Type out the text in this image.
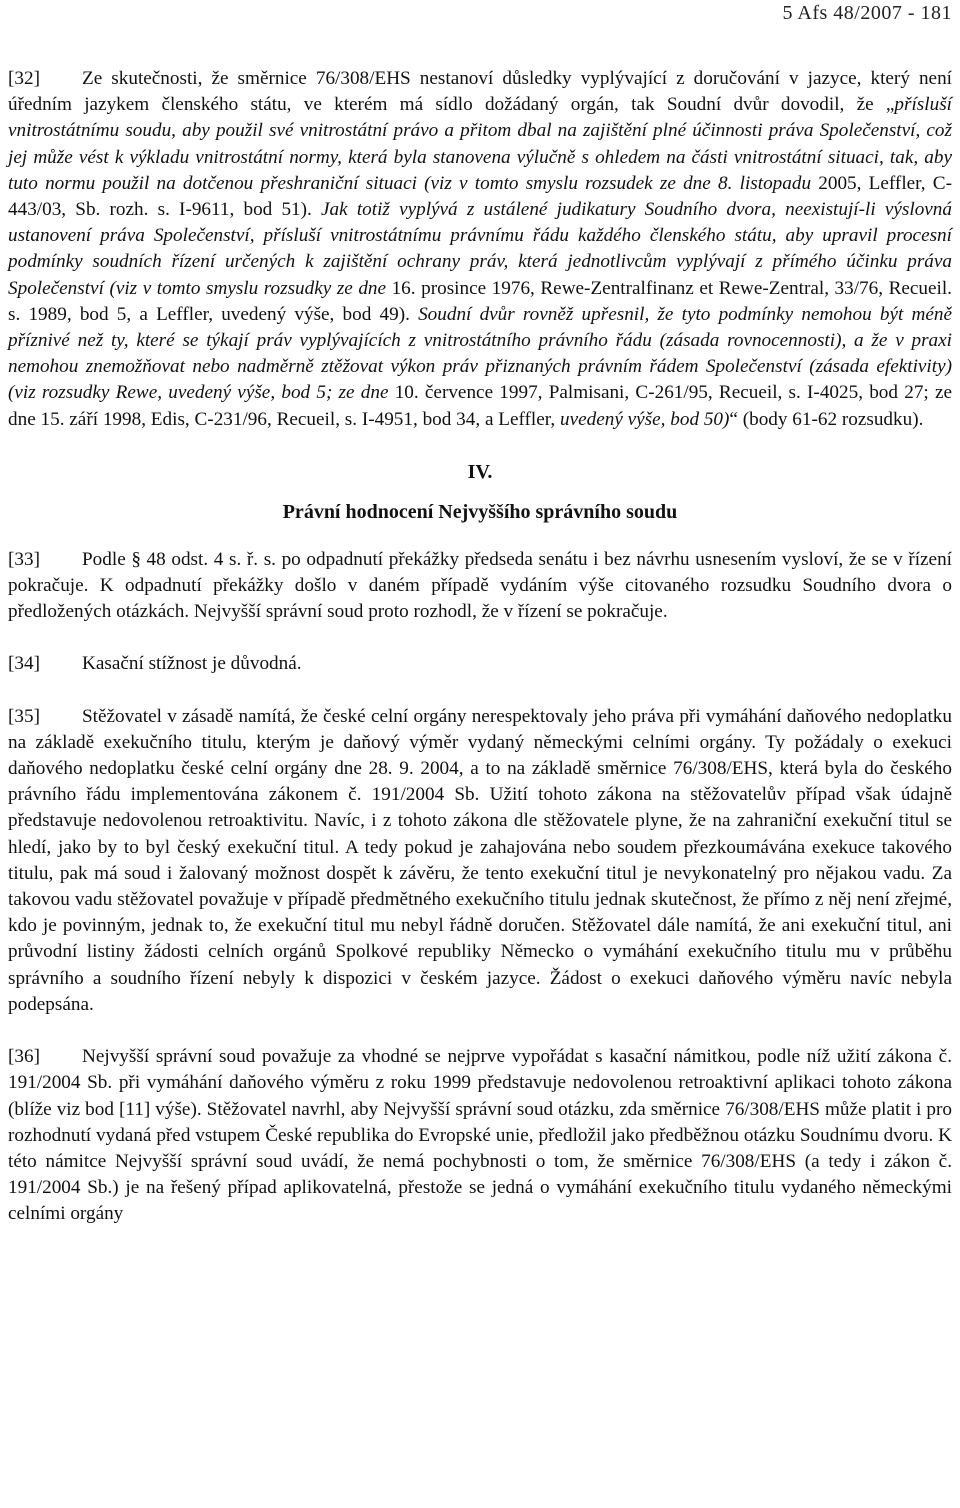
5 Afs 48/2007 - 181

[32] Ze skutečnosti, že směrnice 76/308/EHS nestanoví důsledky vyplývající z doručování v jazyce, který není úředním jazykem členského státu, ve kterém má sídlo dožádaný orgán, tak Soudní dvůr dovodil, že „přísluší vnitrostátnímu soudu, aby použil své vnitrostátní právo a přitom dbal na zajištění plné účinnosti práva Společenství, což jej může vést k výkladu vnitrostátní normy, která byla stanovena výlučně s ohledem na části vnitrostátní situaci, tak, aby tuto normu použil na dotčenou přeshraniční situaci (viz v tomto smyslu rozsudek ze dne 8. listopadu 2005, Leffler, C-443/03, Sb. rozh. s. I-9611, bod 51). Jak totiž vyplývá z ustálené judikatury Soudního dvora, neexistují-li výslovná ustanovení práva Společenství, přísluší vnitrostátnímu právnímu řádu každého členského státu, aby upravil procesní podmínky soudních řízení určených k zajištění ochrany práv, která jednotlivcům vyplývají z přímého účinku práva Společenství (viz v tomto smyslu rozsudky ze dne 16. prosince 1976, Rewe-Zentralfinanz et Rewe-Zentral, 33/76, Recueil. s. 1989, bod 5, a Leffler, uvedený výše, bod 49). Soudní dvůr rovněž upřesnil, že tyto podmínky nemohou být méně příznivé než ty, které se týkají práv vyplývajících z vnitrostátního právního řádu (zásada rovnocennosti), a že v praxi nemohou znemožňovat nebo nadměrně ztěžovat výkon práv přiznaných právním řádem Společenství (zásada efektivity) (viz rozsudky Rewe, uvedený výše, bod 5; ze dne 10. července 1997, Palmisani, C-261/95, Recueil, s. I-4025, bod 27; ze dne 15. září 1998, Edis, C-231/96, Recueil, s. I-4951, bod 34, a Leffler, uvedený výše, bod 50)“ (body 61-62 rozsudku).

IV.
Právní hodnocení Nejvyššího správního soudu

[33] Podle § 48 odst. 4 s. ř. s. po odpadnutí překážky předseda senátu i bez návrhu usnesením vysloví, že se v řízení pokračuje. K odpadnutí překážky došlo v daném případě vydáním výše citovaného rozsudku Soudního dvora o předložených otázkách. Nejvyšší správní soud proto rozhodl, že v řízení se pokračuje.

[34] Kasační stížnost je důvodná.

[35] Stěžovatel v zásadě namítá, že české celní orgány nerespektovaly jeho práva při vymáhání daňového nedoplatku na základě exekučního titulu, kterým je daňový výměr vydaný německými celními orgány. Ty požádaly o exekuci daňového nedoplatku české celní orgány dne 28. 9. 2004, a to na základě směrnice 76/308/EHS, která byla do českého právního řádu implementována zákonem č. 191/2004 Sb. Užití tohoto zákona na stěžovatelův případ však údajně představuje nedovolenou retroaktivitu. Navíc, i z tohoto zákona dle stěžovatele plyne, že na zahraniční exekuční titul se hledí, jako by to byl český exekuční titul. A tedy pokud je zahajována nebo soudem přezkoumávána exekuce takového titulu, pak má soud i žalovaný možnost dospět k závěru, že tento exekuční titul je nevykonatelný pro nějakou vadu. Za takovou vadu stěžovatel považuje v případě předmětného exekučního titulu jednak skutečnost, že přímo z něj není zřejmé, kdo je povinným, jednak to, že exekuční titul mu nebyl řádně doručen. Stěžovatel dále namítá, že ani exekuční titul, ani průvodní listiny žádosti celních orgánů Spolkové republiky Německo o vymáhání exekučního titulu mu v průběhu správního a soudního řízení nebyly k dispozici v českém jazyce. Žádost o exekuci daňového výměru navíc nebyla podepsána.

[36] Nejvyšší správní soud považuje za vhodné se nejprve vypořádat s kasační námitkou, podle níž užití zákona č. 191/2004 Sb. při vymáhání daňového výměru z roku 1999 představuje nedovolenou retroaktivní aplikaci tohoto zákona (blíže viz bod [11] výše). Stěžovatel navrhl, aby Nejvyšší správní soud otázku, zda směrnice 76/308/EHS může platit i pro rozhodnutí vydaná před vstupem České republika do Evropské unie, předložil jako předběžnou otázku Soudnímu dvoru. K této námitce Nejvyšší správní soud uvádí, že nemá pochybnosti o tom, že směrnice 76/308/EHS (a tedy i zákon č. 191/2004 Sb.) je na řešený případ aplikovatelná, přestože se jedná o vymáhání exekučního titulu vydaného německými celními orgány
